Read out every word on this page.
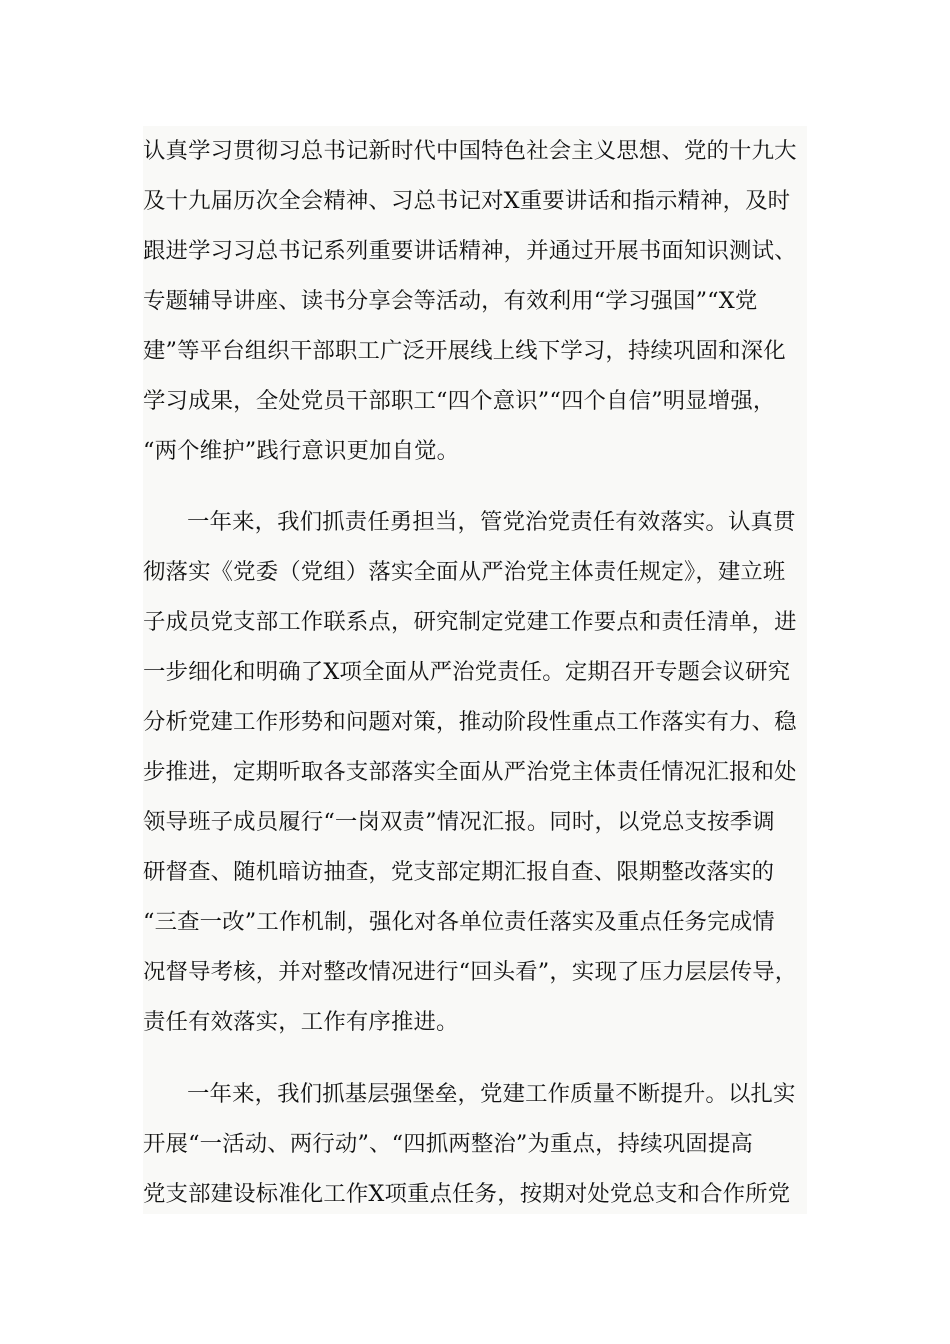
认真学习贯彻习总书记新时代中国特色社会主义思想、党的十九大
及十九届历次全会精神、习总书记对X重要讲话和指示精神，及时
跟进学习习总书记系列重要讲话精神，并通过开展书面知识测试、
专题辅导讲座、读书分享会等活动，有效利用“学习强国”“X党
建”等平台组织干部职工广泛开展线上线下学习，持续巩固和深化
学习成果，全处党员干部职工“四个意识”“四个自信”明显增强，
“两个维护”践行意识更加自觉。
一年来，我们抓责任勇担当，管党治党责任有效落实。认真贯
彻落实《党委（党组）落实全面从严治党主体责任规定》，建立班
子成员党支部工作联系点，研究制定党建工作要点和责任清单，进
一步细化和明确了X项全面从严治党责任。定期召开专题会议研究
分析党建工作形势和问题对策，推动阶段性重点工作落实有力、稳
步推进，定期听取各支部落实全面从严治党主体责任情况汇报和处
领导班子成员履行“一岗双责”情况汇报。同时，以党总支按季调
研督查、随机暗访抽查，党支部定期汇报自查、限期整改落实的
“三查一改”工作机制，强化对各单位责任落实及重点任务完成情
况督导考核，并对整改情况进行“回头看”，实现了压力层层传导，
责任有效落实，工作有序推进。
一年来，我们抓基层强堡垒，党建工作质量不断提升。以扎实
开展“一活动、两行动”、“四抓两整治”为重点，持续巩固提高
党支部建设标准化工作X项重点任务，按期对处党总支和合作所党
